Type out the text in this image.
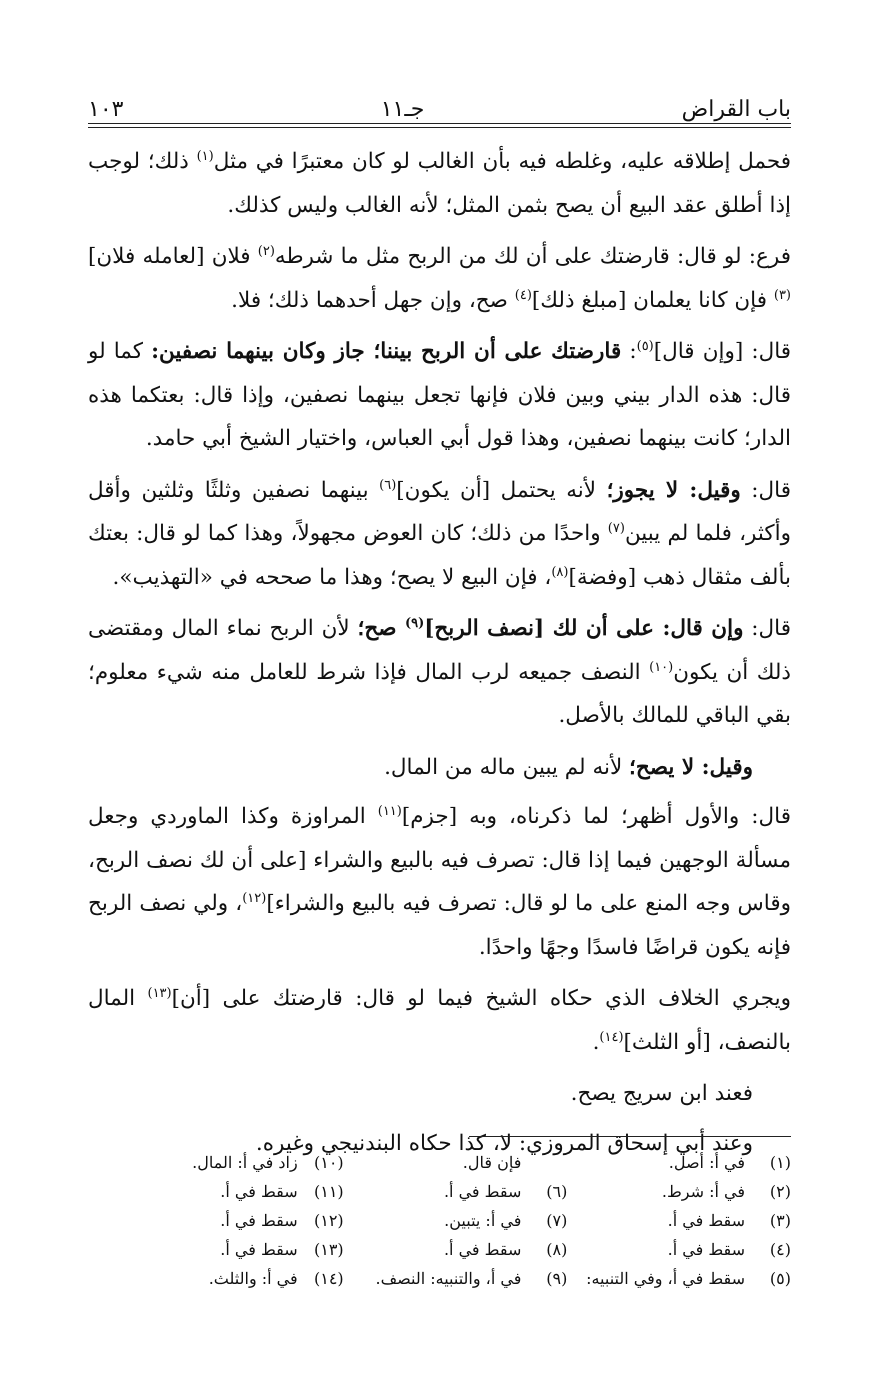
باب القراض
جـ١١
١٠٣

فحمل إطلاقه عليه، وغلطه فيه بأن الغالب لو كان معتبرًا في مثل$^{(١)}$ ذلك؛ لوجب إذا أطلق عقد البيع أن يصح بثمن المثل؛ لأنه الغالب وليس كذلك.

فرع: لو قال: قارضتك على أن لك من الربح مثل ما شرطه$^{(٢)}$ فلان [لعامله فلان]$^{(٣)}$ فإن كانا يعلمان [مبلغ ذلك]$^{(٤)}$ صح، وإن جهل أحدهما ذلك؛ فلا.

قال: [وإن قال]$^{(٥)}$: قارضتك على أن الربح بيننا؛ جاز وكان بينهما نصفين: كما لو قال: هذه الدار بيني وبين فلان فإنها تجعل بينهما نصفين، وإذا قال: بعتكما هذه الدار؛ كانت بينهما نصفين، وهذا قول أبي العباس، واختيار الشيخ أبي حامد.

قال: وقيل: لا يجوز؛ لأنه يحتمل [أن يكون]$^{(٦)}$ بينهما نصفين وثلثًا وثلثين وأقل وأكثر، فلما لم يبين$^{(٧)}$ واحدًا من ذلك؛ كان العوض مجهولاً، وهذا كما لو قال: بعتك بألف مثقال ذهب [وفضة]$^{(٨)}$، فإن البيع لا يصح؛ وهذا ما صححه في «التهذيب».

قال: وإن قال: على أن لك [نصف الربح]$^{(٩)}$ صح؛ لأن الربح نماء المال ومقتضى ذلك أن يكون$^{(١٠)}$ النصف جميعه لرب المال فإذا شرط للعامل منه شيء معلوم؛ بقي الباقي للمالك بالأصل.

وقيل: لا يصح؛ لأنه لم يبين ماله من المال.

قال: والأول أظهر؛ لما ذكرناه، وبه [جزم]$^{(١١)}$ المراوزة وكذا الماوردي وجعل مسألة الوجهين فيما إذا قال: تصرف فيه بالبيع والشراء [على أن لك نصف الربح، وقاس وجه المنع على ما لو قال: تصرف فيه بالبيع والشراء]$^{(١٢)}$، ولي نصف الربح فإنه يكون قراضًا فاسدًا وجهًا واحدًا.

ويجري الخلاف الذي حكاه الشيخ فيما لو قال: قارضتك على [أن]$^{(١٣)}$ المال بالنصف، [أو الثلث]$^{(١٤)}$.

فعند ابن سريج يصح.

وعند أبي إسحاق المروزي: لا، كذا حكاه البندنيجي وغيره.

(١)في أ: أصل.
(٢)في أ: شرط.
(٣)سقط في أ.
(٤)سقط في أ.
(٥)سقط في أ، وفي التنبيه:
فإن قال.
(٦)سقط في أ.
(٧)في أ: يتبين.
(٨)سقط في أ.
(٩)في أ، والتنبيه: النصف.
(١٠)زاد في أ: المال.
(١١)سقط في أ.
(١٢)سقط في أ.
(١٣)سقط في أ.
(١٤)في أ: والثلث.
